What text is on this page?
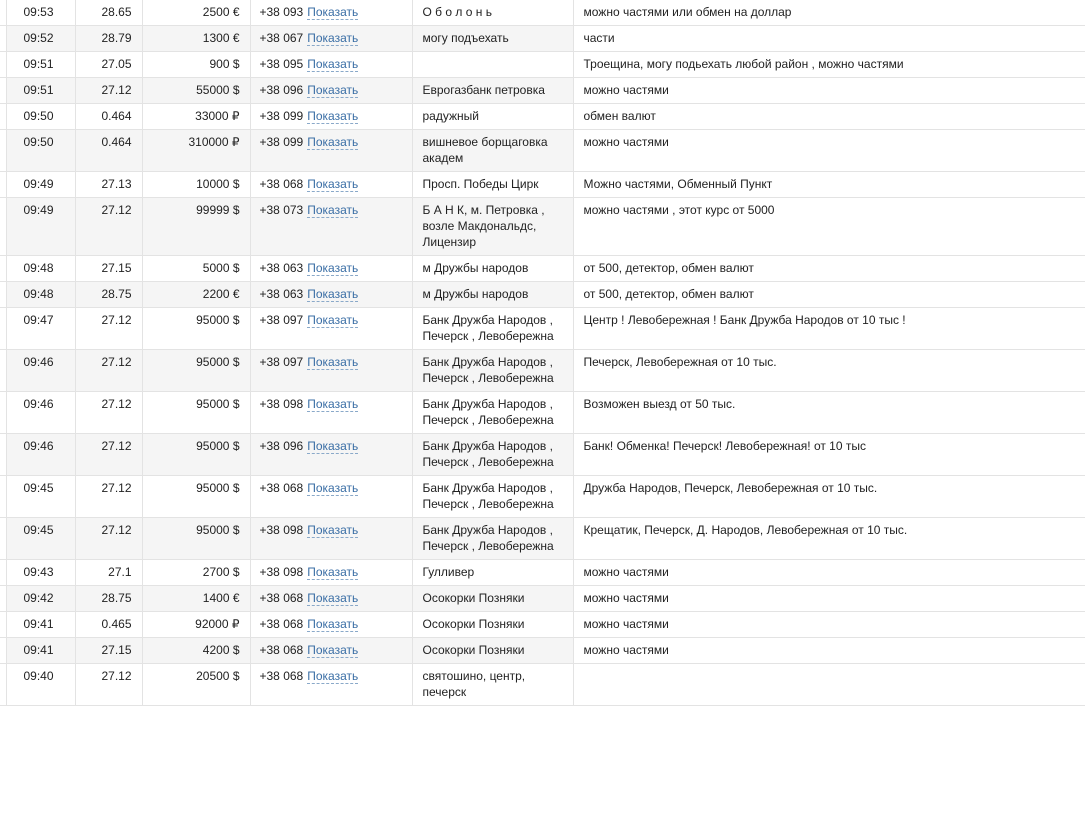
	09:53	28.65	2500 €	+38 093 Показать	О б о л о н ь	можно частями или обмен на доллар
	09:52	28.79	1300 €	+38 067 Показать	могу подъехать	части
	09:51	27.05	900 $	+38 095 Показать		Троещина, могу подьехать любой район , можно частями
	09:51	27.12	55000 $	+38 096 Показать	Еврогазбанк петровка	можно частями
	09:50	0.464	33000 ₽	+38 099 Показать	радужный	обмен валют
	09:50	0.464	310000 ₽	+38 099 Показать	вишневое борщаговка академ	можно частями
	09:49	27.13	10000 $	+38 068 Показать	Просп. Победы Цирк	Можно частями, Обменный Пункт
	09:49	27.12	99999 $	+38 073 Показать	Б А Н К, м. Петровка , возле Макдональдс, Лицензир	можно частями , этот курс от 5000
	09:48	27.15	5000 $	+38 063 Показать	м Дружбы народов	от 500, детектор, обмен валют
	09:48	28.75	2200 €	+38 063 Показать	м Дружбы народов	от 500, детектор, обмен валют
	09:47	27.12	95000 $	+38 097 Показать	Банк Дружба Народов , Печерск , Левобережна	Центр ! Левобережная ! Банк Дружба Народов от 10 тыс !
	09:46	27.12	95000 $	+38 097 Показать	Банк Дружба Народов , Печерск , Левобережна	Печерск, Левобережная от 10 тыс.
	09:46	27.12	95000 $	+38 098 Показать	Банк Дружба Народов , Печерск , Левобережна	Возможен выезд от 50 тыс.
	09:46	27.12	95000 $	+38 096 Показать	Банк Дружба Народов , Печерск , Левобережна	Банк! Обменка! Печерск! Левобережная! от 10 тыс
	09:45	27.12	95000 $	+38 068 Показать	Банк Дружба Народов , Печерск , Левобережна	Дружба Народов, Печерск, Левобережная от 10 тыс.
	09:45	27.12	95000 $	+38 098 Показать	Банк Дружба Народов , Печерск , Левобережна	Крещатик, Печерск, Д. Народов, Левобережная от 10 тыс.
	09:43	27.1	2700 $	+38 098 Показать	Гулливер	можно частями
	09:42	28.75	1400 €	+38 068 Показать	Осокорки Позняки	можно частями
	09:41	0.465	92000 ₽	+38 068 Показать	Осокорки Позняки	можно частями
	09:41	27.15	4200 $	+38 068 Показать	Осокорки Позняки	можно частями
	09:40	27.12	20500 $	+38 068 Показать	святошино, центр, печерск	
